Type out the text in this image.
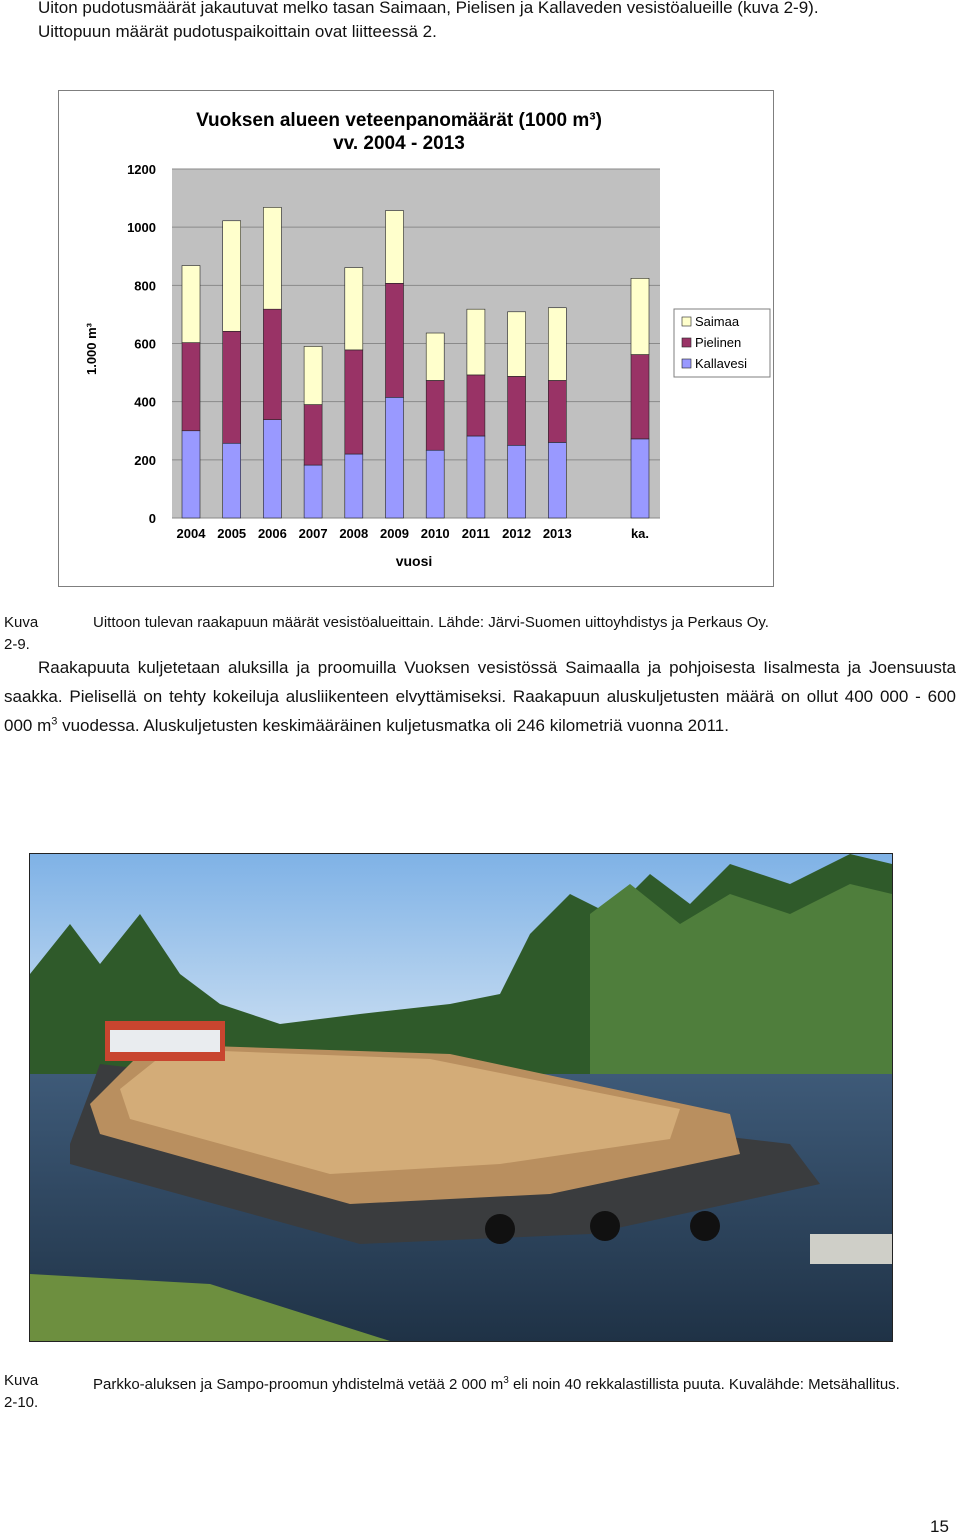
Uiton pudotusmäärät jakautuvat melko tasan Saimaan, Pielisen ja Kallaveden vesistöalueille (kuva 2-9).

Uittopuun määrät pudotuspaikoittain ovat liitteessä 2.

Vuoksen alueen veteenpanomäärät (1000 m³)
vv. 2004 - 2013
1.000 m³
vuosi
0
200
400
600
800
1000
1200
2004 2005 2006 2007 2008 2009 2010 2011 2012 2013	ka.
Saimaa
Pielinen
Kallavesi
Kuva 2-9.
Uittoon tulevan raakapuun määrät vesistöalueittain. Lähde: Järvi-Suomen uittoyhdistys ja Perkaus Oy.
Raakapuuta kuljetetaan aluksilla ja proomuilla Vuoksen vesistössä Saimaalla ja pohjoisesta Iisalmesta ja Joensuusta saakka. Pielisellä on tehty kokeiluja alusliikenteen elvyttämiseksi. Raakapuun aluskuljetusten määrä on ollut 400 000 - 600 000 $m^3$ vuodessa. Aluskuljetusten keskimääräinen kuljetusmatka oli 246 kilometriä vuonna 2011.
Kuva 2-10.
Parkko-aluksen ja Sampo-proomun yhdistelmä vetää 2 000 $m^3$ eli noin 40 rekkalastillista puuta. Kuvalähde: Metsähallitus.
15
